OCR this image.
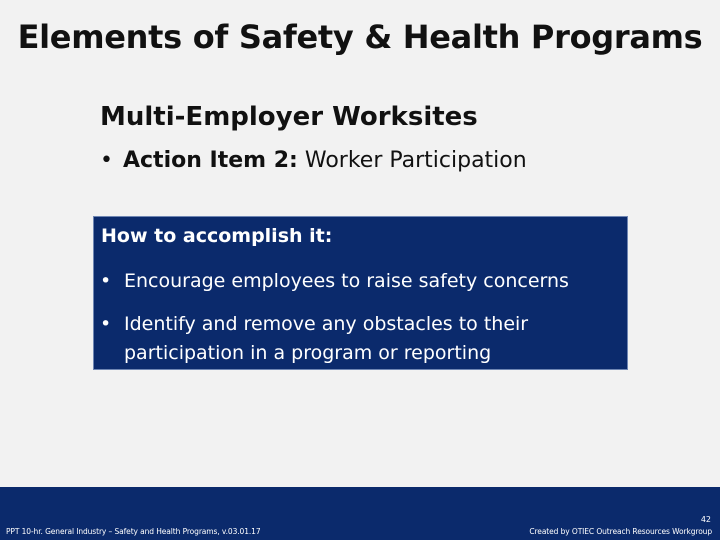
Elements of Safety & Health Programs
Multi-Employer Worksites
• Action Item 2: Worker Participation
How to accomplish it:
• Encourage employees to raise safety concerns
• Identify and remove any obstacles to their participation in a program or reporting
PPT 10-hr. General Industry – Safety and Health Programs, v.03.01.17
42
Created by OTIEC Outreach Resources Workgroup
